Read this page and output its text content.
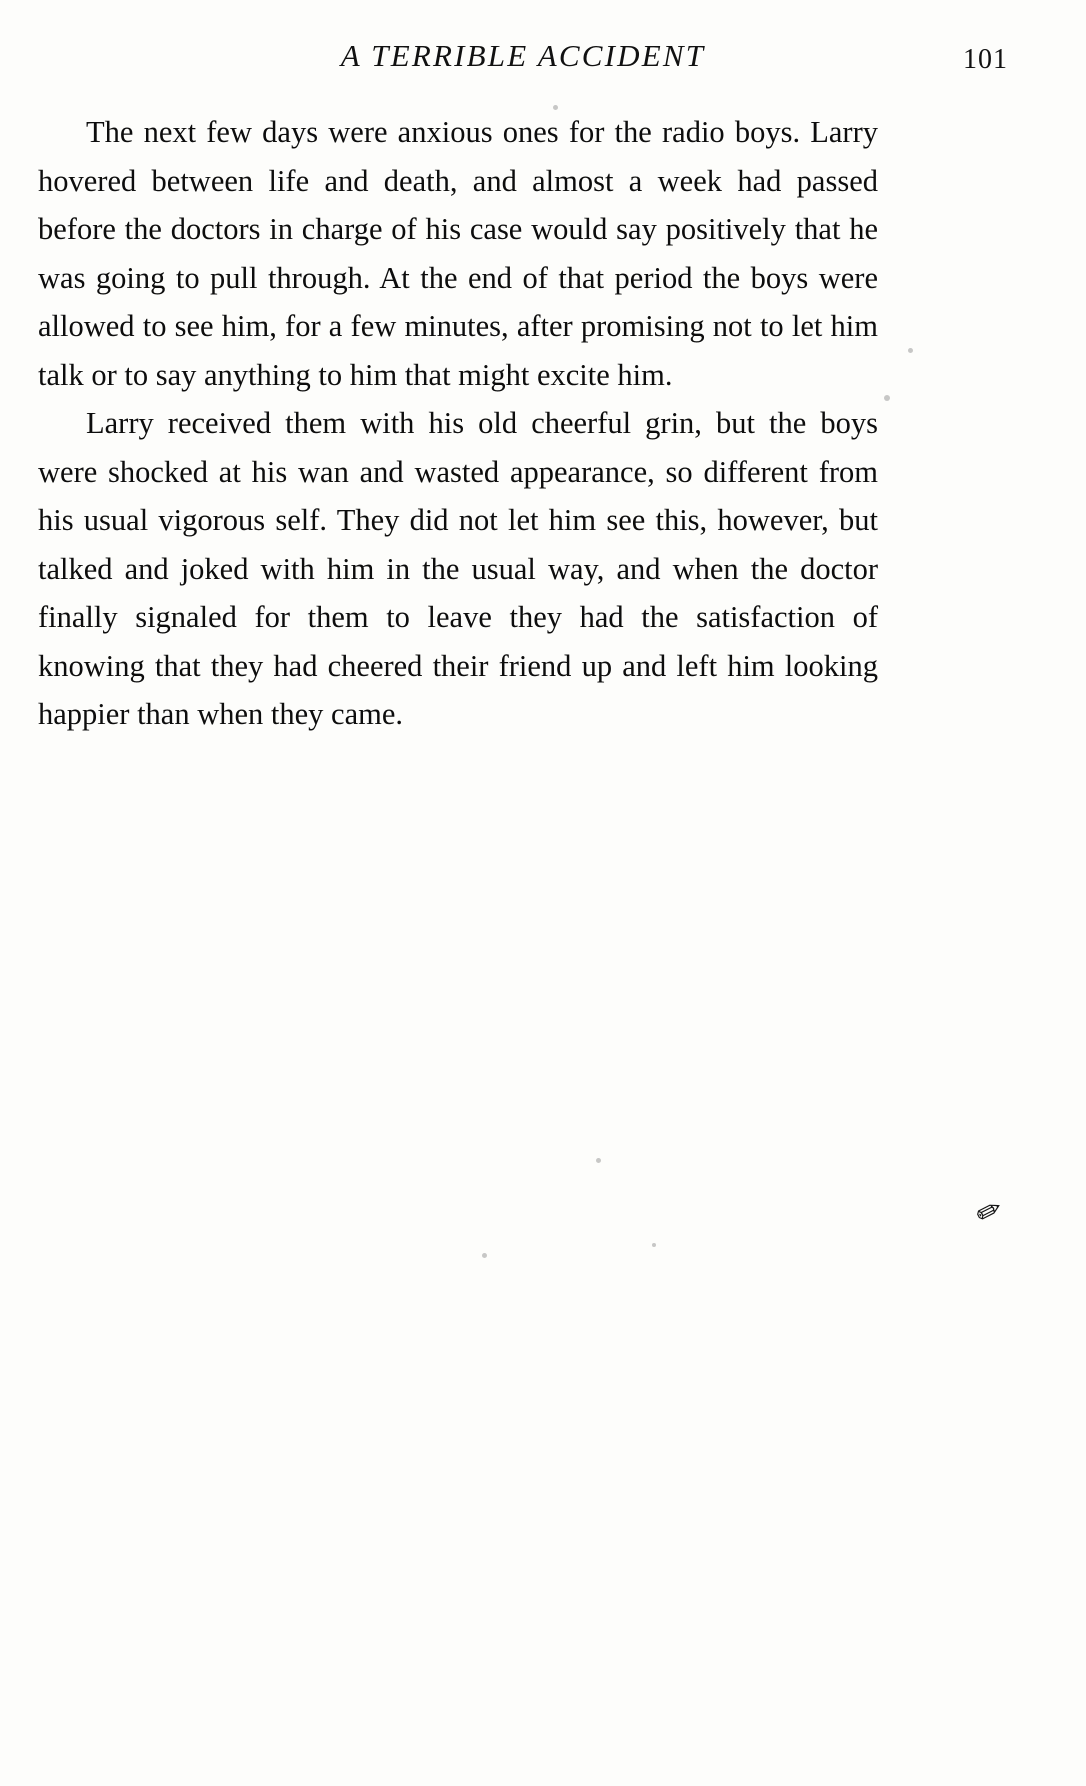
A TERRIBLE ACCIDENT	101

The next few days were anxious ones for the radio boys. Larry hovered between life and death, and almost a week had passed before the doctors in charge of his case would say positively that he was going to pull through. At the end of that period the boys were allowed to see him, for a few minutes, after promising not to let him talk or to say anything to him that might excite him.

Larry received them with his old cheerful grin, but the boys were shocked at his wan and wasted appearance, so different from his usual vigorous self. They did not let him see this, however, but talked and joked with him in the usual way, and when the doctor finally signaled for them to leave they had the satisfaction of knowing that they had cheered their friend up and left him looking happier than when they came.

✐
